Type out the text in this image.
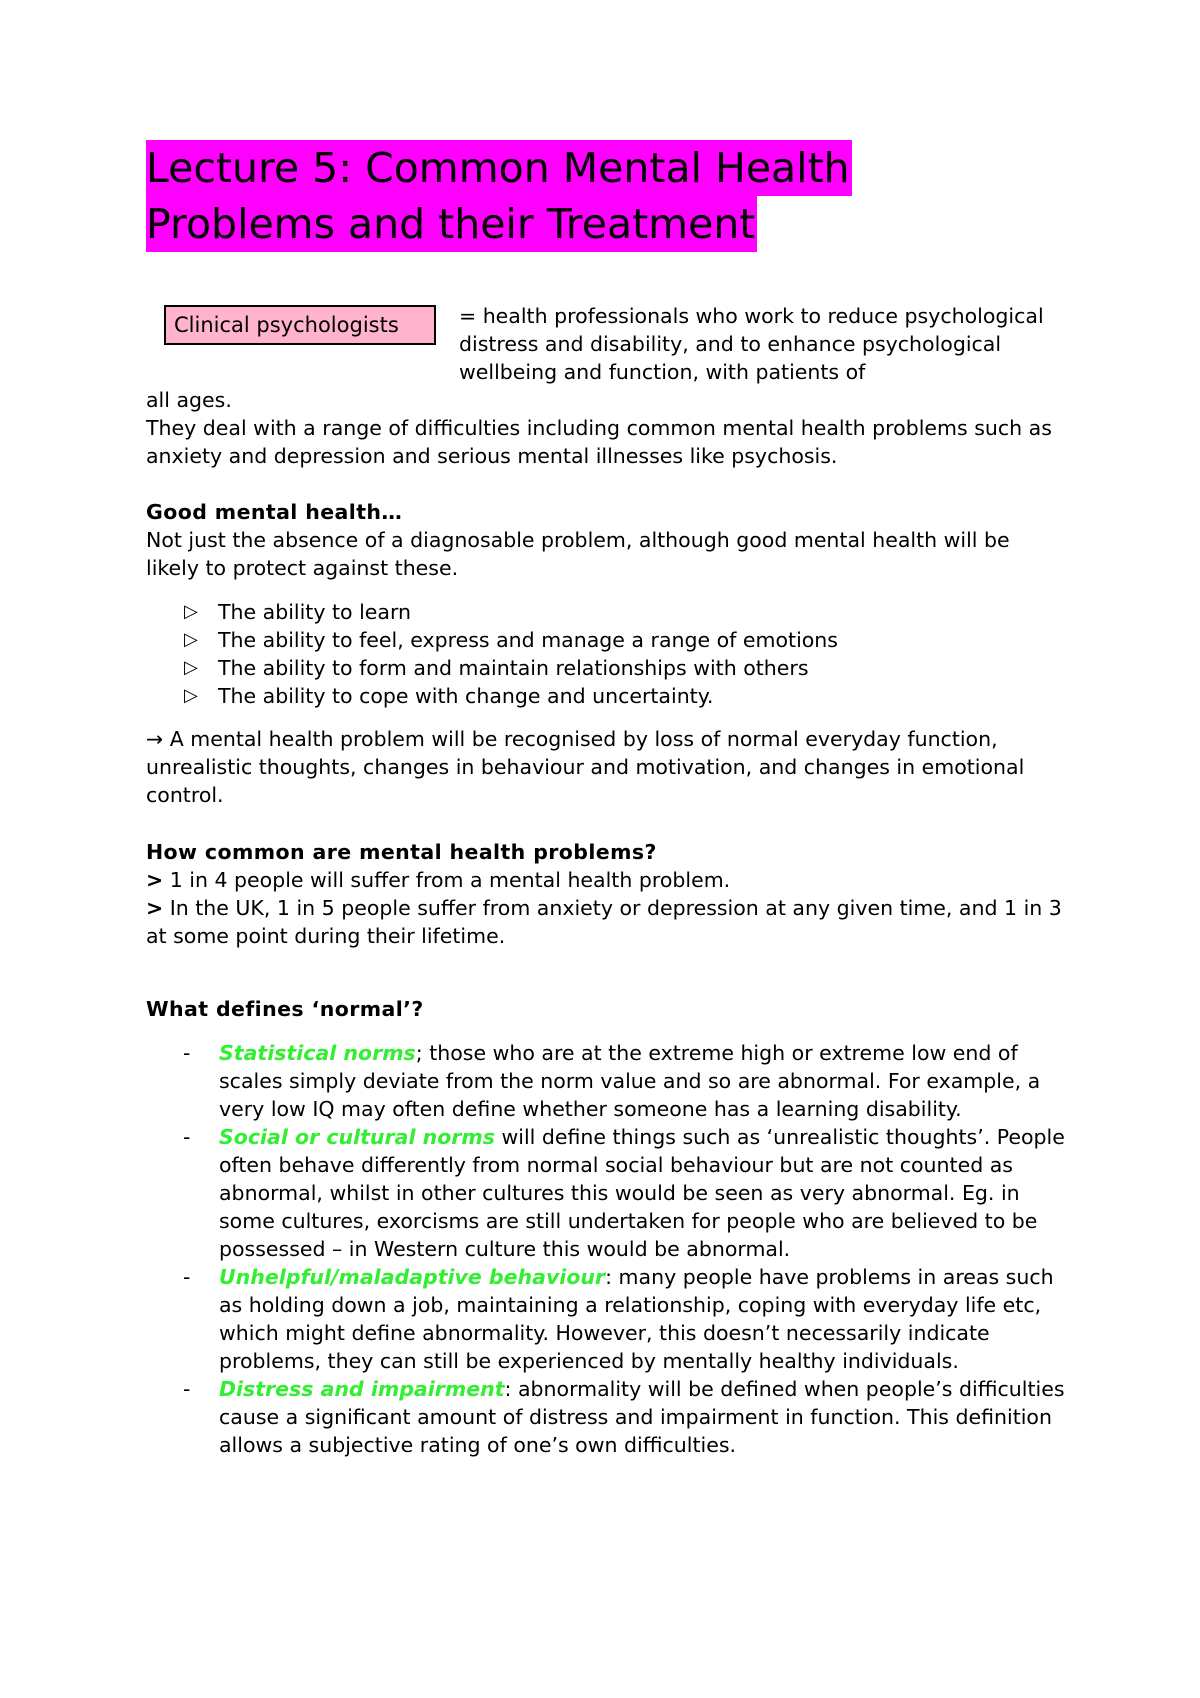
Lecture 5: Common Mental Health
Problems and their Treatment
Clinical psychologists	= health professionals who work to reduce psychological distress and disability, and to enhance psychological wellbeing and function, with patients of
all ages.
They deal with a range of difficulties including common mental health problems such as anxiety and depression and serious mental illnesses like psychosis.
Good mental health…
Not just the absence of a diagnosable problem, although good mental health will be likely to protect against these.
▷ The ability to learn
▷ The ability to feel, express and manage a range of emotions
▷ The ability to form and maintain relationships with others
▷ The ability to cope with change and uncertainty.
→ A mental health problem will be recognised by loss of normal everyday function, unrealistic thoughts, changes in behaviour and motivation, and changes in emotional control.
How common are mental health problems?
> 1 in 4 people will suffer from a mental health problem.
> In the UK, 1 in 5 people suffer from anxiety or depression at any given time, and 1 in 3 at some point during their lifetime.
What defines ‘normal’?
- Statistical norms; those who are at the extreme high or extreme low end of scales simply deviate from the norm value and so are abnormal. For example, a very low IQ may often define whether someone has a learning disability.
- Social or cultural norms will define things such as ‘unrealistic thoughts’. People often behave differently from normal social behaviour but are not counted as abnormal, whilst in other cultures this would be seen as very abnormal. Eg. in some cultures, exorcisms are still undertaken for people who are believed to be possessed – in Western culture this would be abnormal.
- Unhelpful/maladaptive behaviour: many people have problems in areas such as holding down a job, maintaining a relationship, coping with everyday life etc, which might define abnormality. However, this doesn’t necessarily indicate problems, they can still be experienced by mentally healthy individuals.
- Distress and impairment: abnormality will be defined when people’s difficulties cause a significant amount of distress and impairment in function. This definition allows a subjective rating of one’s own difficulties.
